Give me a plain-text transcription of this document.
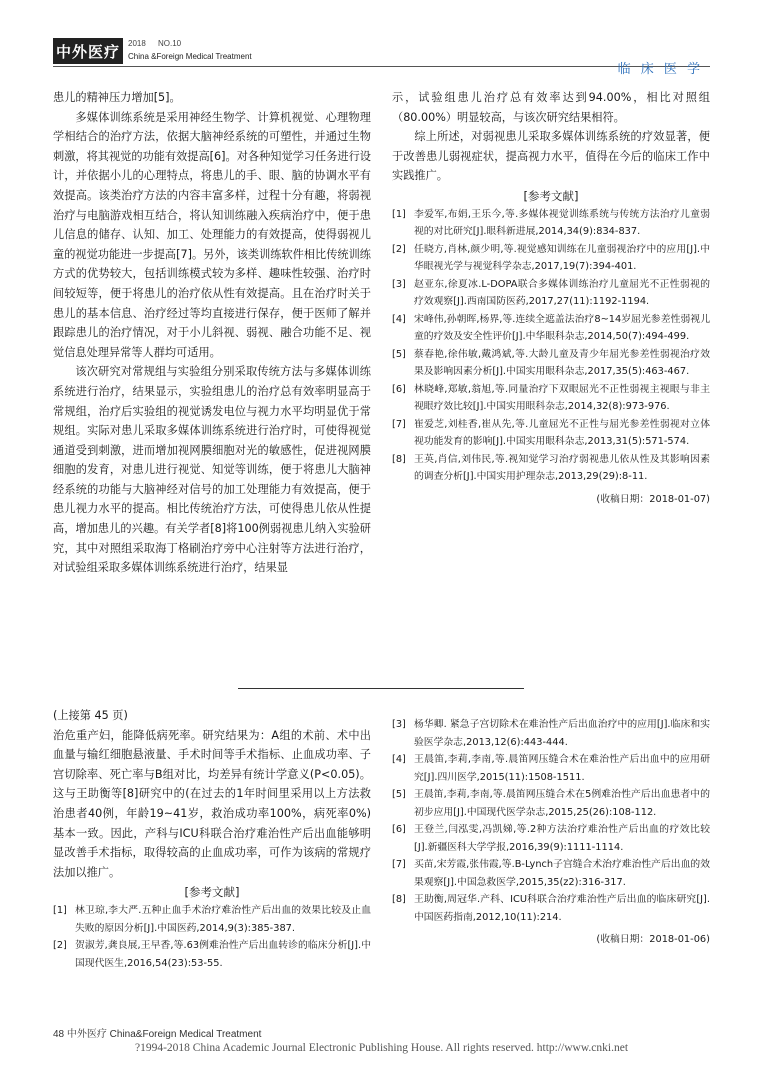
中外医疗	2018 NO.10
China &Foreign Medical Treatment
临 床 医 学

患儿的精神压力增加[5]。

多媒体训练系统是采用神经生物学、计算机视觉、心理物理学相结合的治疗方法，依据大脑神经系统的可塑性，并通过生物刺激，将其视觉的功能有效提高[6]。对各种知觉学习任务进行设计，并依据小儿的心理特点，将患儿的手、眼、脑的协调水平有效提高。该类治疗方法的内容丰富多样，过程十分有趣，将弱视治疗与电脑游戏相互结合，将认知训练融入疾病治疗中，便于患儿信息的储存、认知、加工、处理能力的有效提高，使得弱视儿童的视觉功能进一步提高[7]。另外，该类训练软件相比传统训练方式的优势较大，包括训练模式较为多样、趣味性较强、治疗时间较短等，便于将患儿的治疗依从性有效提高。且在治疗时关于患儿的基本信息、治疗经过等均直接进行保存，便于医师了解并跟踪患儿的治疗情况，对于小儿斜视、弱视、融合功能不足、视觉信息处理异常等人群均可适用。

该次研究对常规组与实验组分别采取传统方法与多媒体训练系统进行治疗，结果显示，实验组患儿的治疗总有效率明显高于常规组，治疗后实验组的视觉诱发电位与视力水平均明显优于常规组。实际对患儿采取多媒体训练系统进行治疗时，可使得视觉通道受到刺激，进而增加视网膜细胞对光的敏感性，促进视网膜细胞的发育，对患儿进行视觉、知觉等训练，便于将患儿大脑神经系统的功能与大脑神经对信号的加工处理能力有效提高，便于患儿视力水平的提高。相比传统治疗方法，可使得患儿依从性提高，增加患儿的兴趣。有关学者[8]将100例弱视患儿纳入实验研究，其中对照组采取海丁格刷治疗旁中心注射等方法进行治疗，对试验组采取多媒体训练系统进行治疗，结果显

示，试验组患儿治疗总有效率达到94.00%，相比对照组（80.00%）明显较高，与该次研究结果相符。

综上所述，对弱视患儿采取多媒体训练系统的疗效显著，便于改善患儿弱视症状，提高视力水平，值得在今后的临床工作中实践推广。

[参考文献]

[1] 李爱军,布娟,王乐今,等.多媒体视觉训练系统与传统方法治疗儿童弱视的对比研究[J].眼科新进展,2014,34(9):834-837.
[2] 任晓方,肖林,颜少明,等.视觉感知训练在儿童弱视治疗中的应用[J].中华眼视光学与视觉科学杂志,2017,19(7):394-401.
[3] 赵亚东,徐夏冰.L-DOPA联合多媒体训练治疗儿童屈光不正性弱视的疗效观察[J].西南国防医药,2017,27(11):1192-1194.
[4] 宋峰伟,孙朝晖,杨界,等.连续全遮盖法治疗8~14岁屈光参差性弱视儿童的疗效及安全性评价[J].中华眼科杂志,2014,50(7):494-499.
[5] 蔡春艳,徐伟敏,戴鸿斌,等.大龄儿童及青少年屈光参差性弱视治疗效果及影响因素分析[J].中国实用眼科杂志,2017,35(5):463-467.
[6] 林晓峰,郑敏,翁旭,等.同量治疗下双眼屈光不正性弱视主视眼与非主视眼疗效比较[J].中国实用眼科杂志,2014,32(8):973-976.
[7] 崔爱芝,刘桂香,崔从先,等.儿童屈光不正性与屈光参差性弱视对立体视功能发育的影响[J].中国实用眼科杂志,2013,31(5):571-574.
[8] 王英,肖信,刘伟民,等.视知觉学习治疗弱视患儿依从性及其影响因素的调查分析[J].中国实用护理杂志,2013,29(29):8-11.
(收稿日期：2018-01-07)

(上接第 45 页)

治危重产妇，能降低病死率。研究结果为：A组的术前、术中出血量与输红细胞悬液量、手术时间等手术指标、止血成功率、子宫切除率、死亡率与B组对比，均差异有统计学意义(P<0.05)。这与王助衡等[8]研究中的(在过去的1年时间里采用以上方法救治患者40例，年龄19~41岁，救治成功率100%，病死率0%)基本一致。因此，产科与ICU科联合治疗难治性产后出血能够明显改善手术指标，取得较高的止血成功率，可作为该病的常规疗法加以推广。

[参考文献]

[1] 林卫琼,李大严.五种止血手术治疗难治性产后出血的效果比较及止血失败的原因分析[J].中国医药,2014,9(3):385-387.
[2] 贺淑芳,龚良展,王早香,等.63例难治性产后出血转诊的临床分析[J].中国现代医生,2016,54(23):53-55.
[3] 杨华卿. 紧急子宫切除术在难治性产后出血治疗中的应用[J].临床和实验医学杂志,2013,12(6):443-444.
[4] 王晨笛,李莉,李南,等.晨笛网压缝合术在难治性产后出血中的应用研究[J].四川医学,2015(11):1508-1511.
[5] 王晨笛,李莉,李南,等.晨笛网压缝合术在5例难治性产后出血患者中的初步应用[J].中国现代医学杂志,2015,25(26):108-112.
[6] 王登兰,闫泓雯,冯凯娣,等.2种方法治疗难治性产后出血的疗效比较[J].新疆医科大学学报,2016,39(9):1111-1114.
[7] 买苗,宋芳霞,张伟霞,等.B-Lynch子宫缝合术治疗难治性产后出血的效果观察[J].中国急救医学,2015,35(z2):316-317.
[8] 王助衡,周冠华.产科、ICU科联合治疗难治性产后出血的临床研究[J].中国医药指南,2012,10(11):214.
(收稿日期：2018-01-06)
48 中外医疗 China&Foreign Medical Treatment
?1994-2018 China Academic Journal Electronic Publishing House. All rights reserved. http://www.cnki.net
